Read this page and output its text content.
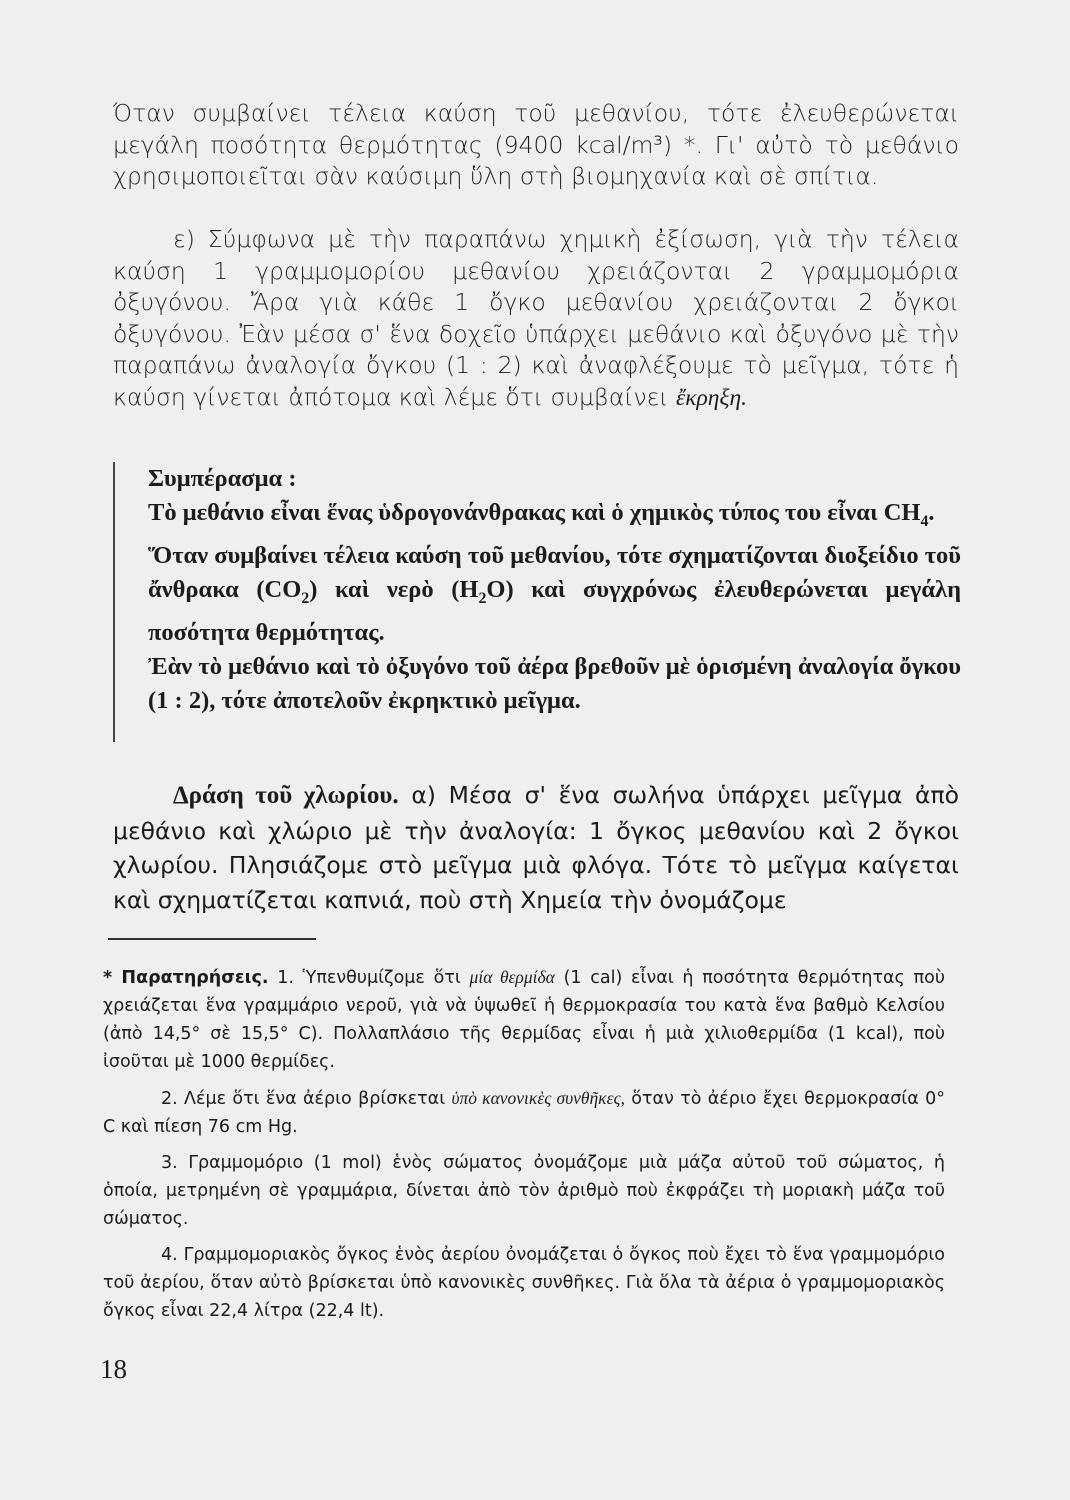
Όταν συμβαίνει τέλεια καύση τοῦ μεθανίου, τότε ἐλευθερώνεται μεγάλη ποσότητα θερμότητας (9400 kcal/m³) *. Γι' αὐτὸ τὸ μεθάνιο χρησιμοποιεῖται σὰν καύσιμη ὕλη στὴ βιομηχανία καὶ σὲ σπίτια.

ε) Σύμφωνα μὲ τὴν παραπάνω χημικὴ ἐξίσωση, γιὰ τὴν τέλεια καύση 1 γραμμομορίου μεθανίου χρειάζονται 2 γραμμομόρια ὀξυγόνου. Ἄρα γιὰ κάθε 1 ὄγκο μεθανίου χρειάζονται 2 ὄγκοι ὀξυγόνου. Ἐὰν μέσα σ' ἕνα δοχεῖο ὑπάρχει μεθάνιο καὶ ὀξυγόνο μὲ τὴν παραπάνω ἀναλογία ὄγκου (1 : 2) καὶ ἀναφλέξουμε τὸ μεῖγμα, τότε ἡ καύση γίνεται ἀπότομα καὶ λέμε ὅτι συμβαίνει ἔκρηξη.

Συμπέρασμα :

Τὸ μεθάνιο εἶναι ἕνας ὑδρογονάνθρακας καὶ ὁ χημικὸς τύπος του εἶναι $CH_4$.

Ὅταν συμβαίνει τέλεια καύση τοῦ μεθανίου, τότε σχηματίζονται διοξείδιο τοῦ ἄνθρακα $(CO_2)$ καὶ νερὸ $(H_2O)$ καὶ συγχρόνως ἐλευθερώνεται μεγάλη ποσότητα θερμότητας.

Ἐὰν τὸ μεθάνιο καὶ τὸ ὀξυγόνο τοῦ ἀέρα βρεθοῦν μὲ ὁρισμένη ἀναλογία ὄγκου (1 : 2), τότε ἀποτελοῦν ἐκρηκτικὸ μεῖγμα.

Δράση τοῦ χλωρίου. α) Μέσα σ' ἕνα σωλήνα ὑπάρχει μεῖγμα ἀπὸ μεθάνιο καὶ χλώριο μὲ τὴν ἀναλογία: 1 ὄγκος μεθανίου καὶ 2 ὄγκοι χλωρίου. Πλησιάζομε στὸ μεῖγμα μιὰ φλόγα. Τότε τὸ μεῖγμα καίγεται καὶ σχηματίζεται καπνιά, ποὺ στὴ Χημεία τὴν ὀνομάζομε

* Παρατηρήσεις. 1. Ὑπενθυμίζομε ὅτι μία θερμίδα (1 cal) εἶναι ἡ ποσότητα θερμότητας ποὺ χρειάζεται ἕνα γραμμάριο νεροῦ, γιὰ νὰ ὑψωθεῖ ἡ θερμοκρασία του κατὰ ἕνα βαθμὸ Κελσίου (ἀπὸ 14,5° σὲ 15,5° C). Πολλαπλάσιο τῆς θερμίδας εἶναι ἡ μιὰ χιλιοθερμίδα (1 kcal), ποὺ ἰσοῦται μὲ 1000 θερμίδες.

2. Λέμε ὅτι ἕνα ἀέριο βρίσκεται ὑπὸ κανονικὲς συνθῆκες, ὅταν τὸ ἀέριο ἔχει θερμοκρασία 0° C καὶ πίεση 76 cm Hg.

3. Γραμμομόριο (1 mol) ἑνὸς σώματος ὀνομάζομε μιὰ μάζα αὐτοῦ τοῦ σώματος, ἡ ὁποία, μετρημένη σὲ γραμμάρια, δίνεται ἀπὸ τὸν ἀριθμὸ ποὺ ἐκφράζει τὴ μοριακὴ μάζα τοῦ σώματος.

4. Γραμμομοριακὸς ὄγκος ἑνὸς ἀερίου ὀνομάζεται ὁ ὄγκος ποὺ ἔχει τὸ ἕνα γραμμομόριο τοῦ ἀερίου, ὅταν αὐτὸ βρίσκεται ὑπὸ κανονικὲς συνθῆκες. Γιὰ ὅλα τὰ ἀέρια ὁ γραμμομοριακὸς ὄγκος εἶναι 22,4 λίτρα (22,4 lt).

18
